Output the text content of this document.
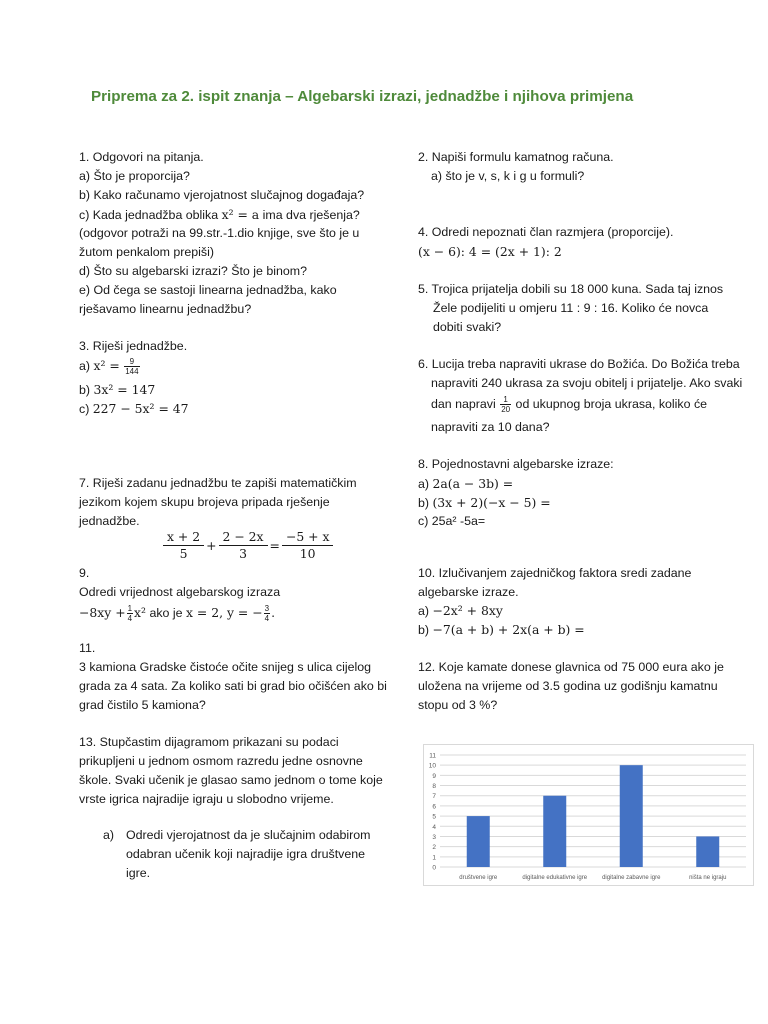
Priprema za 2. ispit znanja – Algebarski izrazi, jednadžbe i njihova primjena
1. Odgovori na pitanja.
a) Što je proporcija?
b) Kako računamo vjerojatnost slučajnog događaja?
c) Kada jednadžba oblika x² = a ima dva rješenja?
(odgovor potraži na 99.str.-1.dio knjige, sve što je u
žutom penkalom prepiši)
d) Što su algebarski izrazi? Što je binom?
e) Od čega se sastoji linearna jednadžba, kako
rješavamo linearnu jednadžbu?
3. Riješi jednadžbe.
a) $x^2 = \frac{9}{144}$
b) 3x² = 147
c) 227 − 5x² = 47
7. Riješi zadanu jednadžbu te zapiši matematičkim
jezikom kojem skupu brojeva pripada rješenje
jednadžbe.
$\frac{x + 2}{5} + \frac{2 - 2x}{3} = \frac{-5 + x}{10}$
9.
Odredi vrijednost algebarskog izraza
$-8xy + \frac{1}{4} x^2$ ako je x = 2, y = − $\frac{3}{4}$ .
11.
3 kamiona Gradske čistoće očite snijeg s ulica cijelog
grada za 4 sata. Za koliko sati bi grad bio očišćen ako bi
grad čistilo 5 kamiona?
13. Stupčastim dijagramom prikazani su podaci
prikupljeni u jednom osmom razredu jedne osnovne
škole. Svaki učenik je glasao samo jednom o tome koje
vrste igrica najradije igraju u slobodno vrijeme.
a) Odredi vjerojatnost da je slučajnim odabirom
odabran učenik koji najradije igra društvene
igre.
2. Napiši formulu kamatnog računa.
a) što je v, s, k i g u formuli?
4. Odredi nepoznati član razmjera (proporcije).
(x − 6): 4 = (2x + 1): 2
5. Trojica prijatelja dobili su 18 000 kuna. Sada taj iznos
Žele podijeliti u omjeru 11 : 9 : 16. Koliko će novca
dobiti svaki?
6. Lucija treba napraviti ukrase do Božića. Do Božića treba
napraviti 240 ukrasa za svoju obitelj i prijatelje. Ako svaki
dan napravi $\frac{1}{20}$ od ukupnog broja ukrasa, koliko će
napraviti za 10 dana?
8. Pojednostavni algebarske izraze:
a) 2a(a − 3b) =
b) (3x + 2)(−x − 5) =
c) 25a² -5a=
10. Izlučivanjem zajedničkog faktora sredi zadane
algebarske izraze.
a) −2x² + 8xy
b) −7(a + b) + 2x(a + b) =
12. Koje kamate donese glavnica od 75 000 eura ako je
uložena na vrijeme od 3.5 godina uz godišnju kamatnu
stopu od 3 %?
0
1
2
3
4
5
6
7
8
9
10
11
društvene igre	digitalne edukativne igre digitalne zabavne igre	ništa ne igraju
